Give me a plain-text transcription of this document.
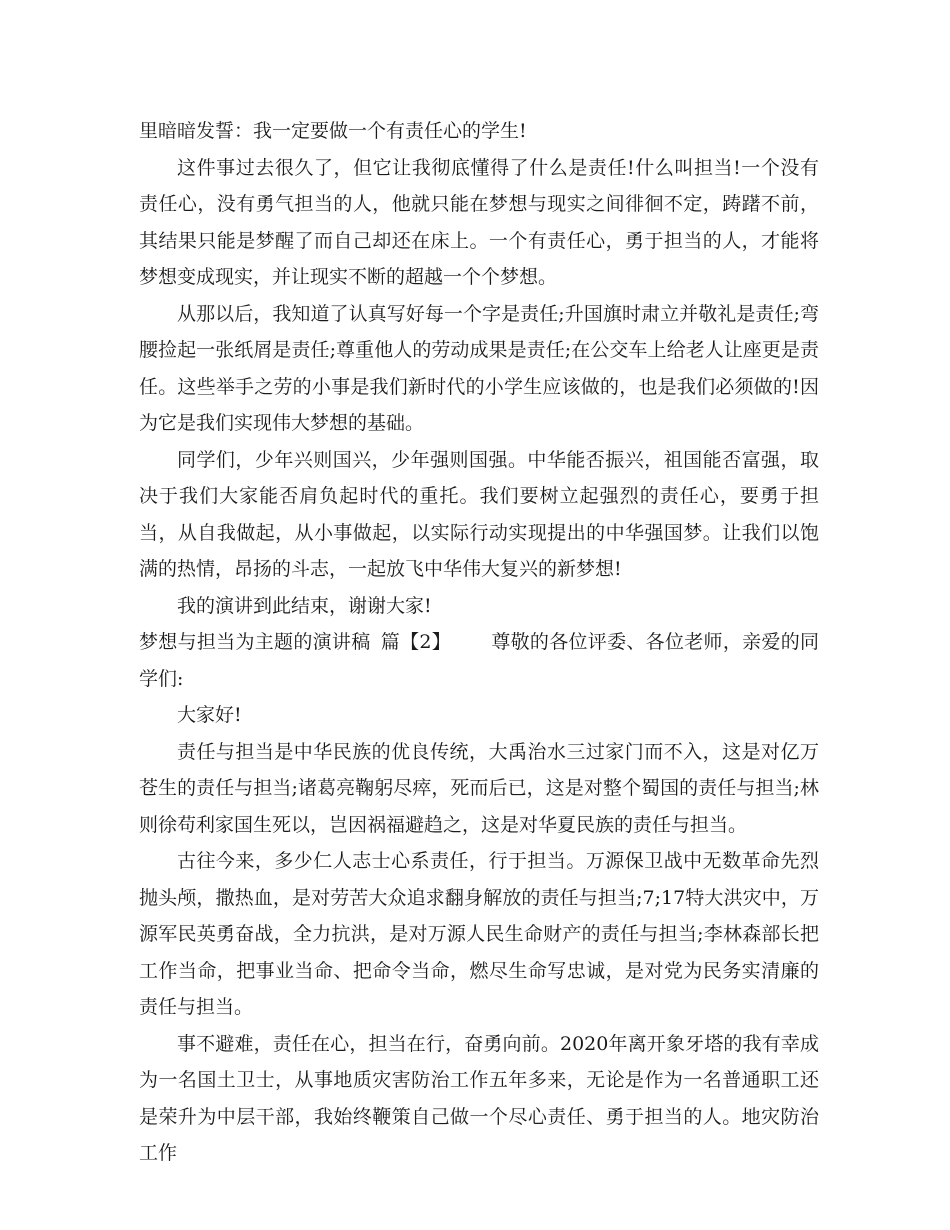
里暗暗发誓：我一定要做一个有责任心的学生!

这件事过去很久了，但它让我彻底懂得了什么是责任!什么叫担当!一个没有责任心，没有勇气担当的人，他就只能在梦想与现实之间徘徊不定，踌躇不前，其结果只能是梦醒了而自己却还在床上。一个有责任心，勇于担当的人，才能将梦想变成现实，并让现实不断的超越一个个梦想。

从那以后，我知道了认真写好每一个字是责任;升国旗时肃立并敬礼是责任;弯腰捡起一张纸屑是责任;尊重他人的劳动成果是责任;在公交车上给老人让座更是责任。这些举手之劳的小事是我们新时代的小学生应该做的，也是我们必须做的!因为它是我们实现伟大梦想的基础。

同学们，少年兴则国兴，少年强则国强。中华能否振兴，祖国能否富强，取决于我们大家能否肩负起时代的重托。我们要树立起强烈的责任心，要勇于担当，从自我做起，从小事做起，以实际行动实现提出的中华强国梦。让我们以饱满的热情，昂扬的斗志，一起放飞中华伟大复兴的新梦想!

我的演讲到此结束，谢谢大家!

梦想与担当为主题的演讲稿 篇【2】 尊敬的各位评委、各位老师，亲爱的同学们:

大家好!

责任与担当是中华民族的优良传统，大禹治水三过家门而不入，这是对亿万苍生的责任与担当;诸葛亮鞠躬尽瘁，死而后已，这是对整个蜀国的责任与担当;林则徐苟利家国生死以，岂因祸福避趋之，这是对华夏民族的责任与担当。

古往今来，多少仁人志士心系责任，行于担当。万源保卫战中无数革命先烈抛头颅，撒热血，是对劳苦大众追求翻身解放的责任与担当;7;17特大洪灾中，万源军民英勇奋战，全力抗洪，是对万源人民生命财产的责任与担当;李林森部长把工作当命，把事业当命、把命令当命，燃尽生命写忠诚，是对党为民务实清廉的责任与担当。

事不避难，责任在心，担当在行，奋勇向前。2020年离开象牙塔的我有幸成为一名国土卫士，从事地质灾害防治工作五年多来，无论是作为一名普通职工还是荣升为中层干部，我始终鞭策自己做一个尽心责任、勇于担当的人。地灾防治工作
